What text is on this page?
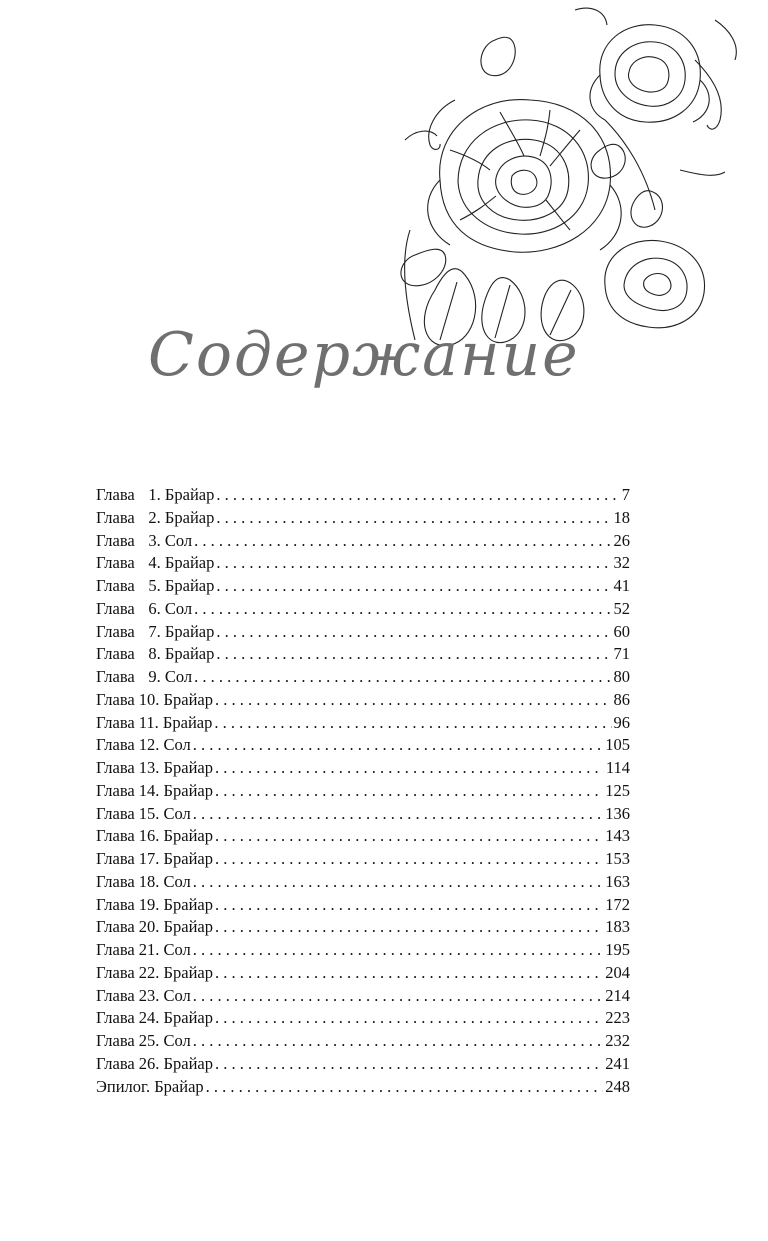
Содержание
Глава 1. Брайар . . .	7
Глава 2. Брайар . . .	18
Глава 3. Сол . . .	26
Глава 4. Брайар . . .	32
Глава 5. Брайар . . .	41
Глава 6. Сол . . .	52
Глава 7. Брайар . . .	60
Глава 8. Брайар . . .	71
Глава 9. Сол . . .	80
Глава 10. Брайар . . .	86
Глава 11. Брайар . . .	96
Глава 12. Сол . . .	105
Глава 13. Брайар . . .	114
Глава 14. Брайар . . .	125
Глава 15. Сол . . .	136
Глава 16. Брайар . . .	143
Глава 17. Брайар . . .	153
Глава 18. Сол . . .	163
Глава 19. Брайар . . .	172
Глава 20. Брайар . . .	183
Глава 21. Сол . . .	195
Глава 22. Брайар . . .	204
Глава 23. Сол . . .	214
Глава 24. Брайар . . .	223
Глава 25. Сол . . .	232
Глава 26. Брайар . . .	241
Эпилог. Брайар . . .	248
